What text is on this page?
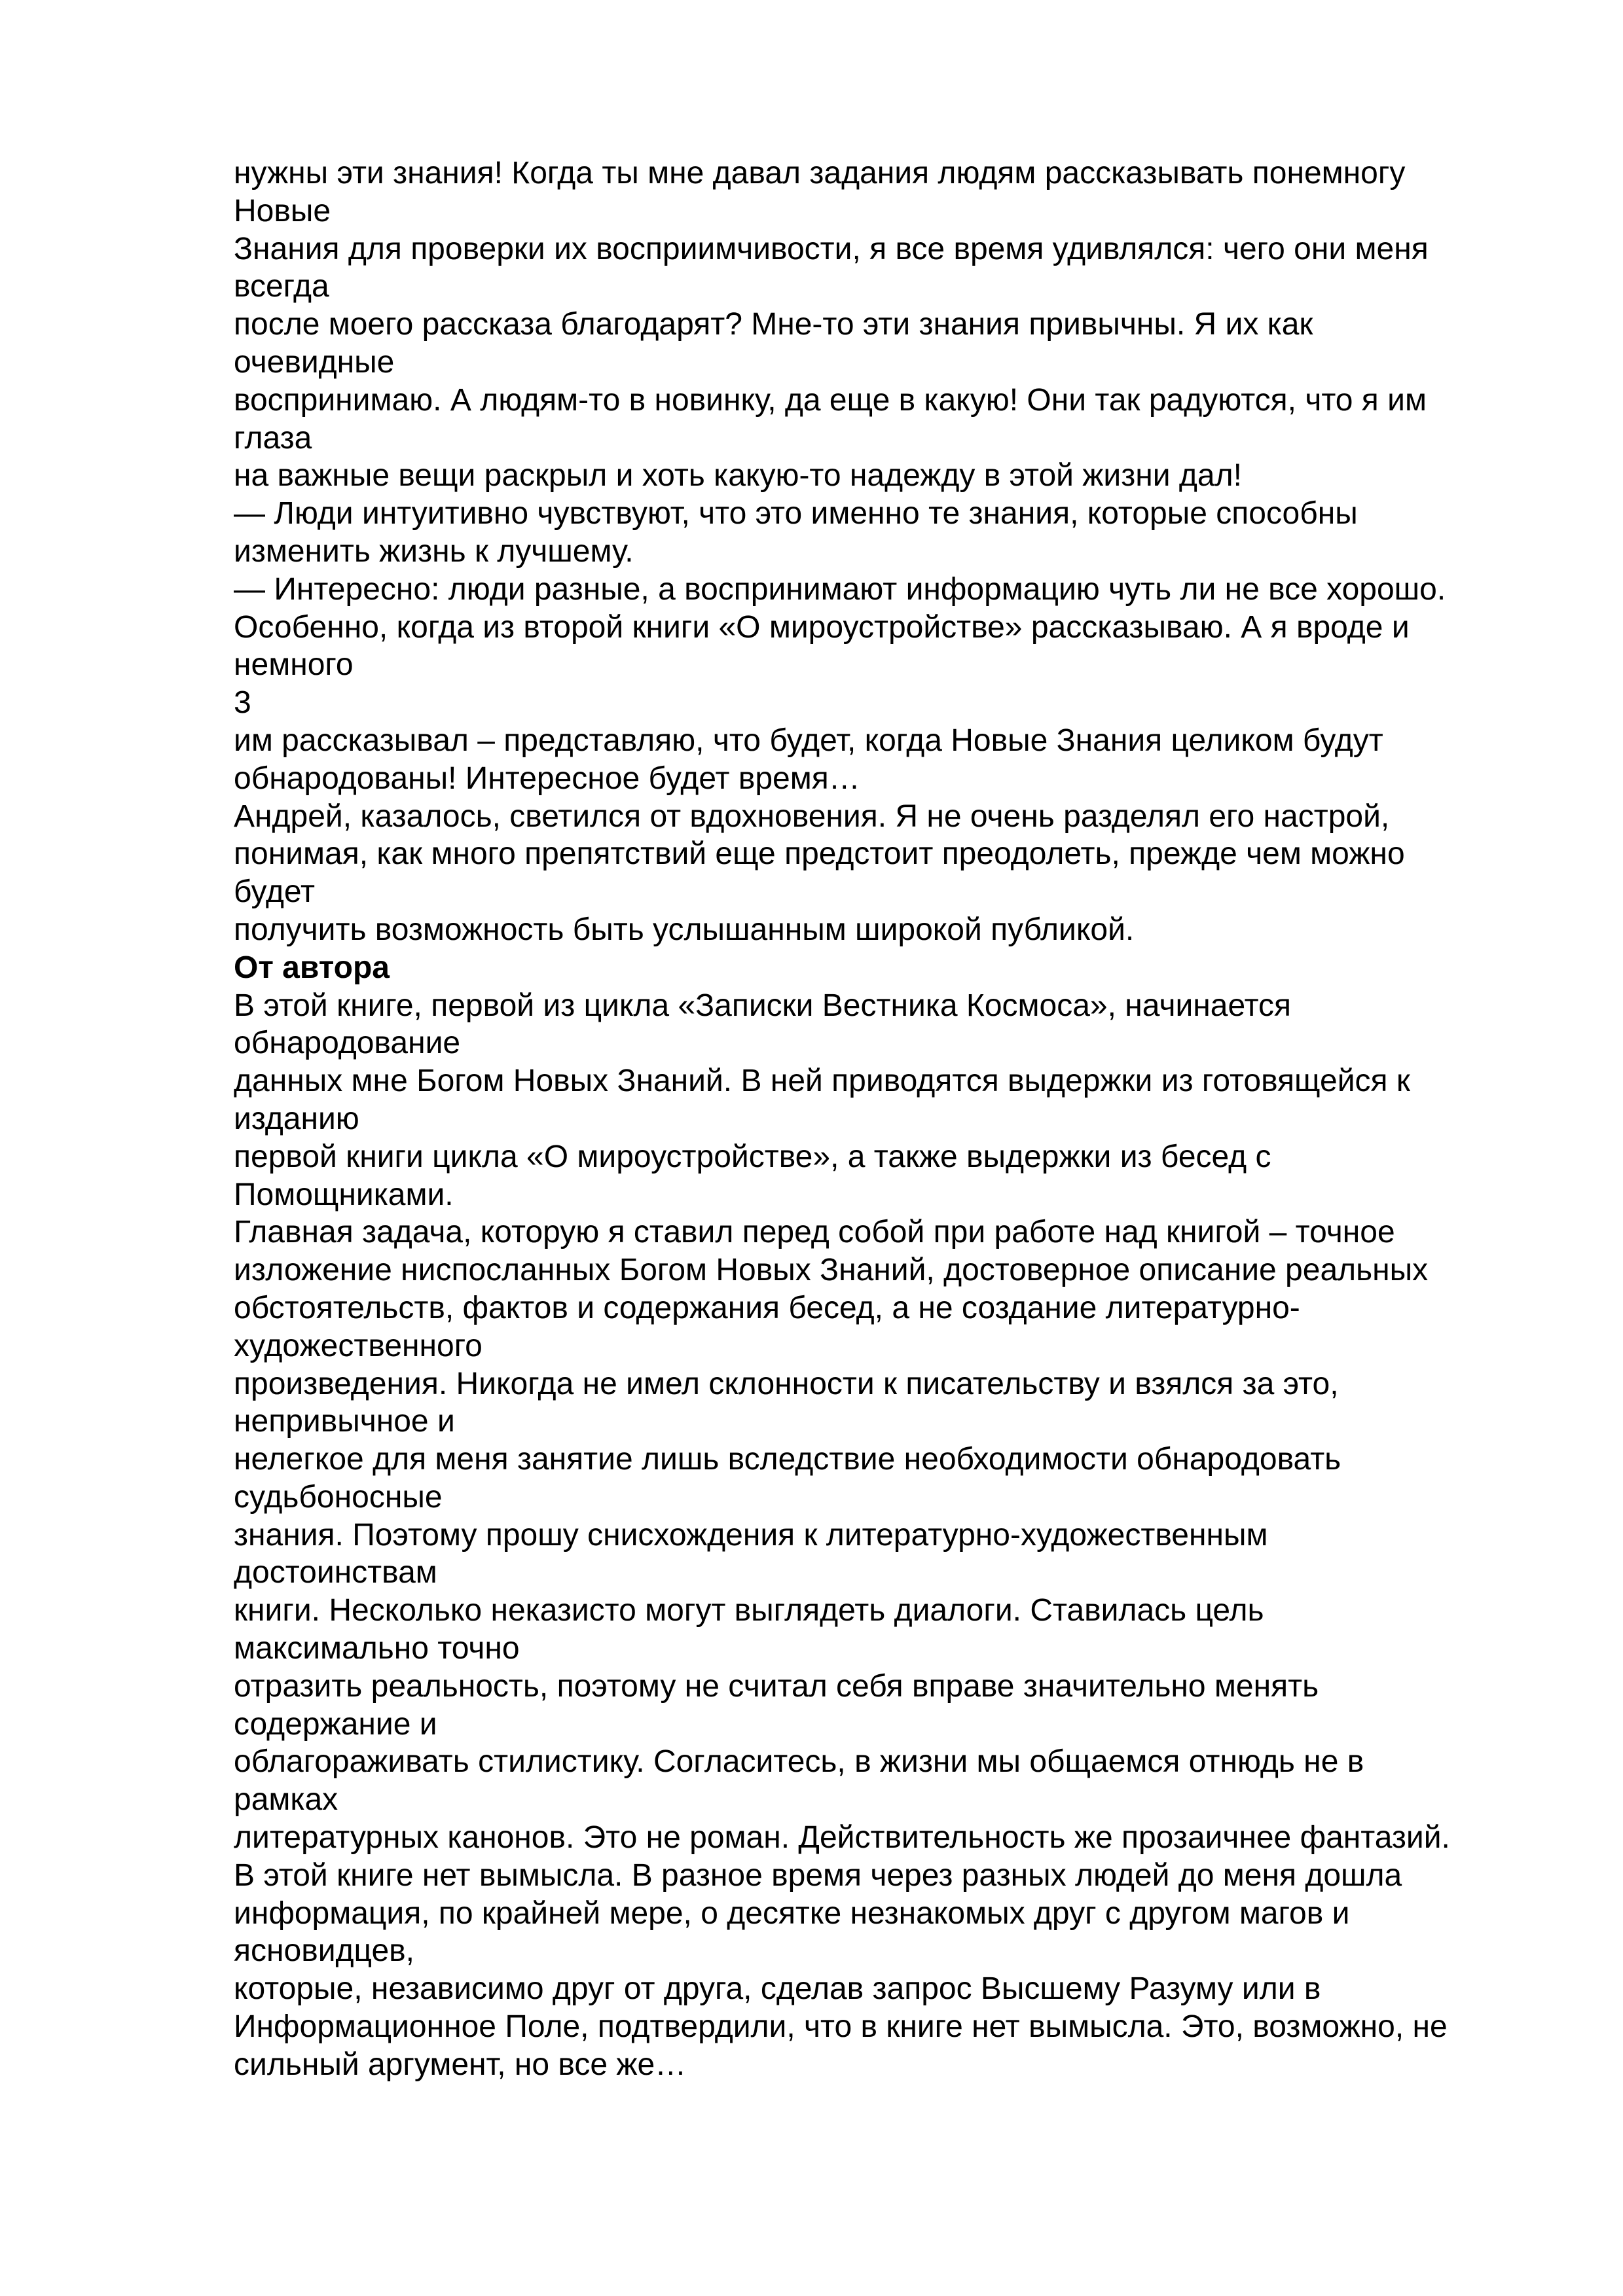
нужны эти знания! Когда ты мне давал задания людям рассказывать понемногу
Новые
Знания для проверки их восприимчивости, я все время удивлялся: чего они меня
всегда
после моего рассказа благодарят? Мне-то эти знания привычны. Я их как
очевидные
воспринимаю. А людям-то в новинку, да еще в какую! Они так радуются, что я им
глаза
на важные вещи раскрыл и хоть какую-то надежду в этой жизни дал!
— Люди интуитивно чувствуют, что это именно те знания, которые способны
изменить жизнь к лучшему.
— Интересно: люди разные, а воспринимают информацию чуть ли не все хорошо.
Особенно, когда из второй книги «О мироустройстве» рассказываю. А я вроде и
немного
3
им рассказывал – представляю, что будет, когда Новые Знания целиком будут
обнародованы! Интересное будет время…
Андрей, казалось, светился от вдохновения. Я не очень разделял его настрой,
понимая, как много препятствий еще предстоит преодолеть, прежде чем можно
будет
получить возможность быть услышанным широкой публикой.
От автора
В этой книге, первой из цикла «Записки Вестника Космоса», начинается
обнародование
данных мне Богом Новых Знаний. В ней приводятся выдержки из готовящейся к
изданию
первой книги цикла «О мироустройстве», а также выдержки из бесед с
Помощниками.
Главная задача, которую я ставил перед собой при работе над книгой – точное
изложение ниспосланных Богом Новых Знаний, достоверное описание реальных
обстоятельств, фактов и содержания бесед, а не создание литературно-
художественного
произведения. Никогда не имел склонности к писательству и взялся за это,
непривычное и
нелегкое для меня занятие лишь вследствие необходимости обнародовать
судьбоносные
знания. Поэтому прошу снисхождения к литературно-художественным
достоинствам
книги. Несколько неказисто могут выглядеть диалоги. Ставилась цель
максимально точно
отразить реальность, поэтому не считал себя вправе значительно менять
содержание и
облагораживать стилистику. Согласитесь, в жизни мы общаемся отнюдь не в
рамках
литературных канонов. Это не роман. Действительность же прозаичнее фантазий.
В этой книге нет вымысла. В разное время через разных людей до меня дошла
информация, по крайней мере, о десятке незнакомых друг с другом магов и
ясновидцев,
которые, независимо друг от друга, сделав запрос Высшему Разуму или в
Информационное Поле, подтвердили, что в книге нет вымысла. Это, возможно, не
сильный аргумент, но все же…
